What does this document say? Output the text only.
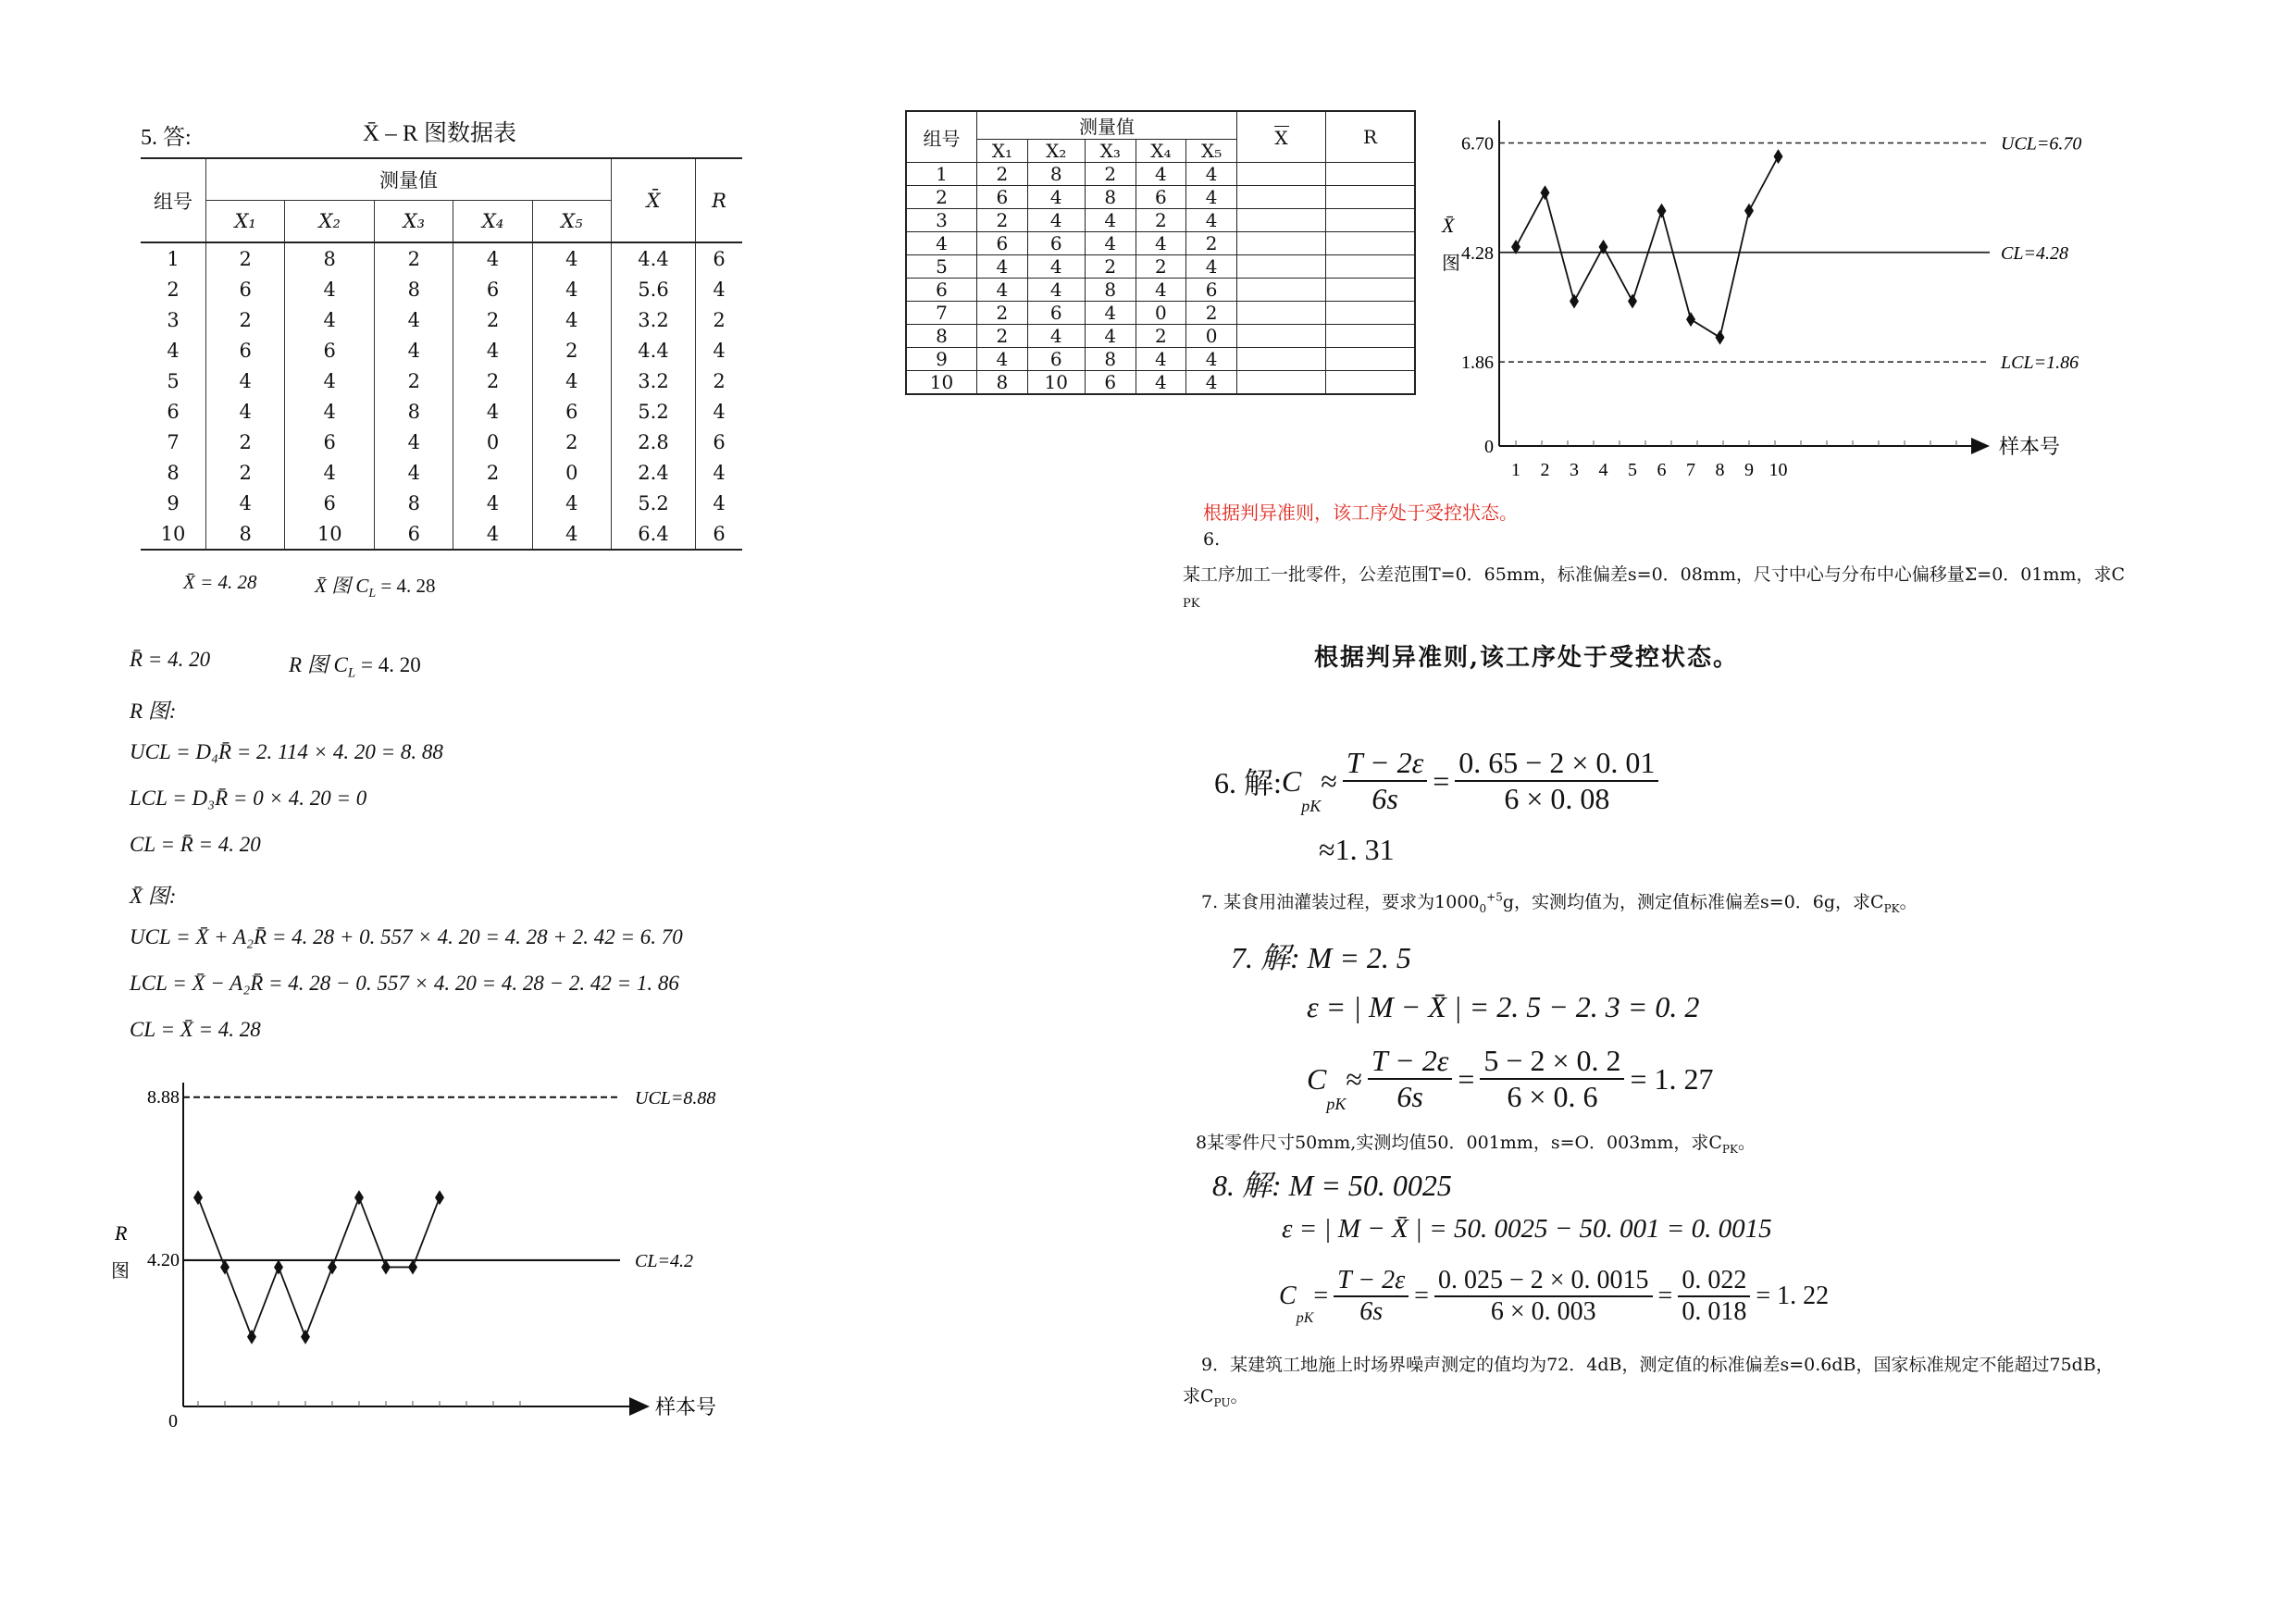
5. 答:	X̄ – R 图数据表
组号	测量值					X̄	R
	X₁	X₂	X₃	X₄	X₅		
1	2	8	2	4	4	4.4	6
2	6	4	8	6	4	5.6	4
3	2	4	4	2	4	3.2	2
4	6	6	4	4	2	4.4	4
5	4	4	2	2	4	3.2	2
6	4	4	8	4	6	5.2	4
7	2	6	4	0	2	2.8	6
8	2	4	4	2	0	2.4	4
9	4	6	8	4	4	5.2	4
10	8	10	6	4	4	6.4	6
X̄ = 4. 28	X̄ 图 $C_L = 4$. 28
R̄ = 4. 20	R 图 $C_L = 4$. 20
R 图:
UCL = D₄R̄ = 2. 114 × 4. 20 = 8. 88
LCL = D₃R̄ = 0 × 4. 20 = 0
CL = R̄ = 4. 20
X̄ 图:
UCL = X̄ + A₂R̄ = 4. 28 + 0. 557 × 4. 20 = 4. 28 + 2. 42 = 6. 70
LCL = X̄ − A₂R̄ = 4. 28 − 0. 557 × 4. 20 = 4. 28 − 2. 42 = 1. 86
CL = X̄ = 4. 28
8.88
4.20
0
样本号
R
图
UCL=8.88
CL=4.2
组号	测量值					X	R
	X₁	X₂	X₃	X₄	X₅		
1	2	8	2	4	4		
2	6	4	8	6	4		
3	2	4	4	2	4		
4	6	6	4	4	2		
5	4	4	2	2	4		
6	4	4	8	4	6		
7	2	6	4	0	2		
8	2	4	4	2	0		
9	4	6	8	4	4		
10	8	10	6	4	4		
6.70
4.28
1.86
0
1 2 3 4 5 6 7 8 9 10
样本号
X̄
图
UCL=6.70
CL=4.28
LCL=1.86
根据判异准则，该工序处于受控状态。
6.
某工序加工一批零件，公差范围T=0．65mm，标准偏差s=0．08mm，尺寸中心与分布中心偏移量Σ=0．01mm，求C
PK
根据判异准则,该工序处于受控状态。
6. 解: C
$_{pK}$
≈ $\frac{T - 2\varepsilon}{6s} = \frac{0. 65 - 2 \times 0. 01}{6 \times 0. 08}$
≈1. 31
7. 某食用油灌装过程，要求为$1000_0^{+5}g$，实测均值为，测定值标准偏差s=0．6g，求$C_{PK}$。
7. 解: M = 2. 5
ε = | M − X̄ | = 2. 5 − 2. 3 = 0. 2
C
$_{pK}$
≈ $\frac{T - 2\varepsilon}{6s} = \frac{5 - 2 \times 0. 2}{6 \times 0. 6} = 1$. 27
8某零件尺寸50mm,实测均值50．001mm，s=O．003mm，求$C_{PK}$。
8. 解: M = 50. 0025
ε = | M − X̄ | = 50. 0025 − 50. 001 = 0. 0015
C
$_{pK}$
= $\frac{T - 2\varepsilon}{6s} = \frac{0. 025 - 2 \times 0. 0015}{6 \times 0. 003} = \frac{0. 022}{0. 018} = 1$. 22
9．某建筑工地施上时场界噪声测定的值均为72．4dB，测定值的标准偏差s=0.6dB，国家标准规定不能超过75dB，
求$C_{PU}$。
